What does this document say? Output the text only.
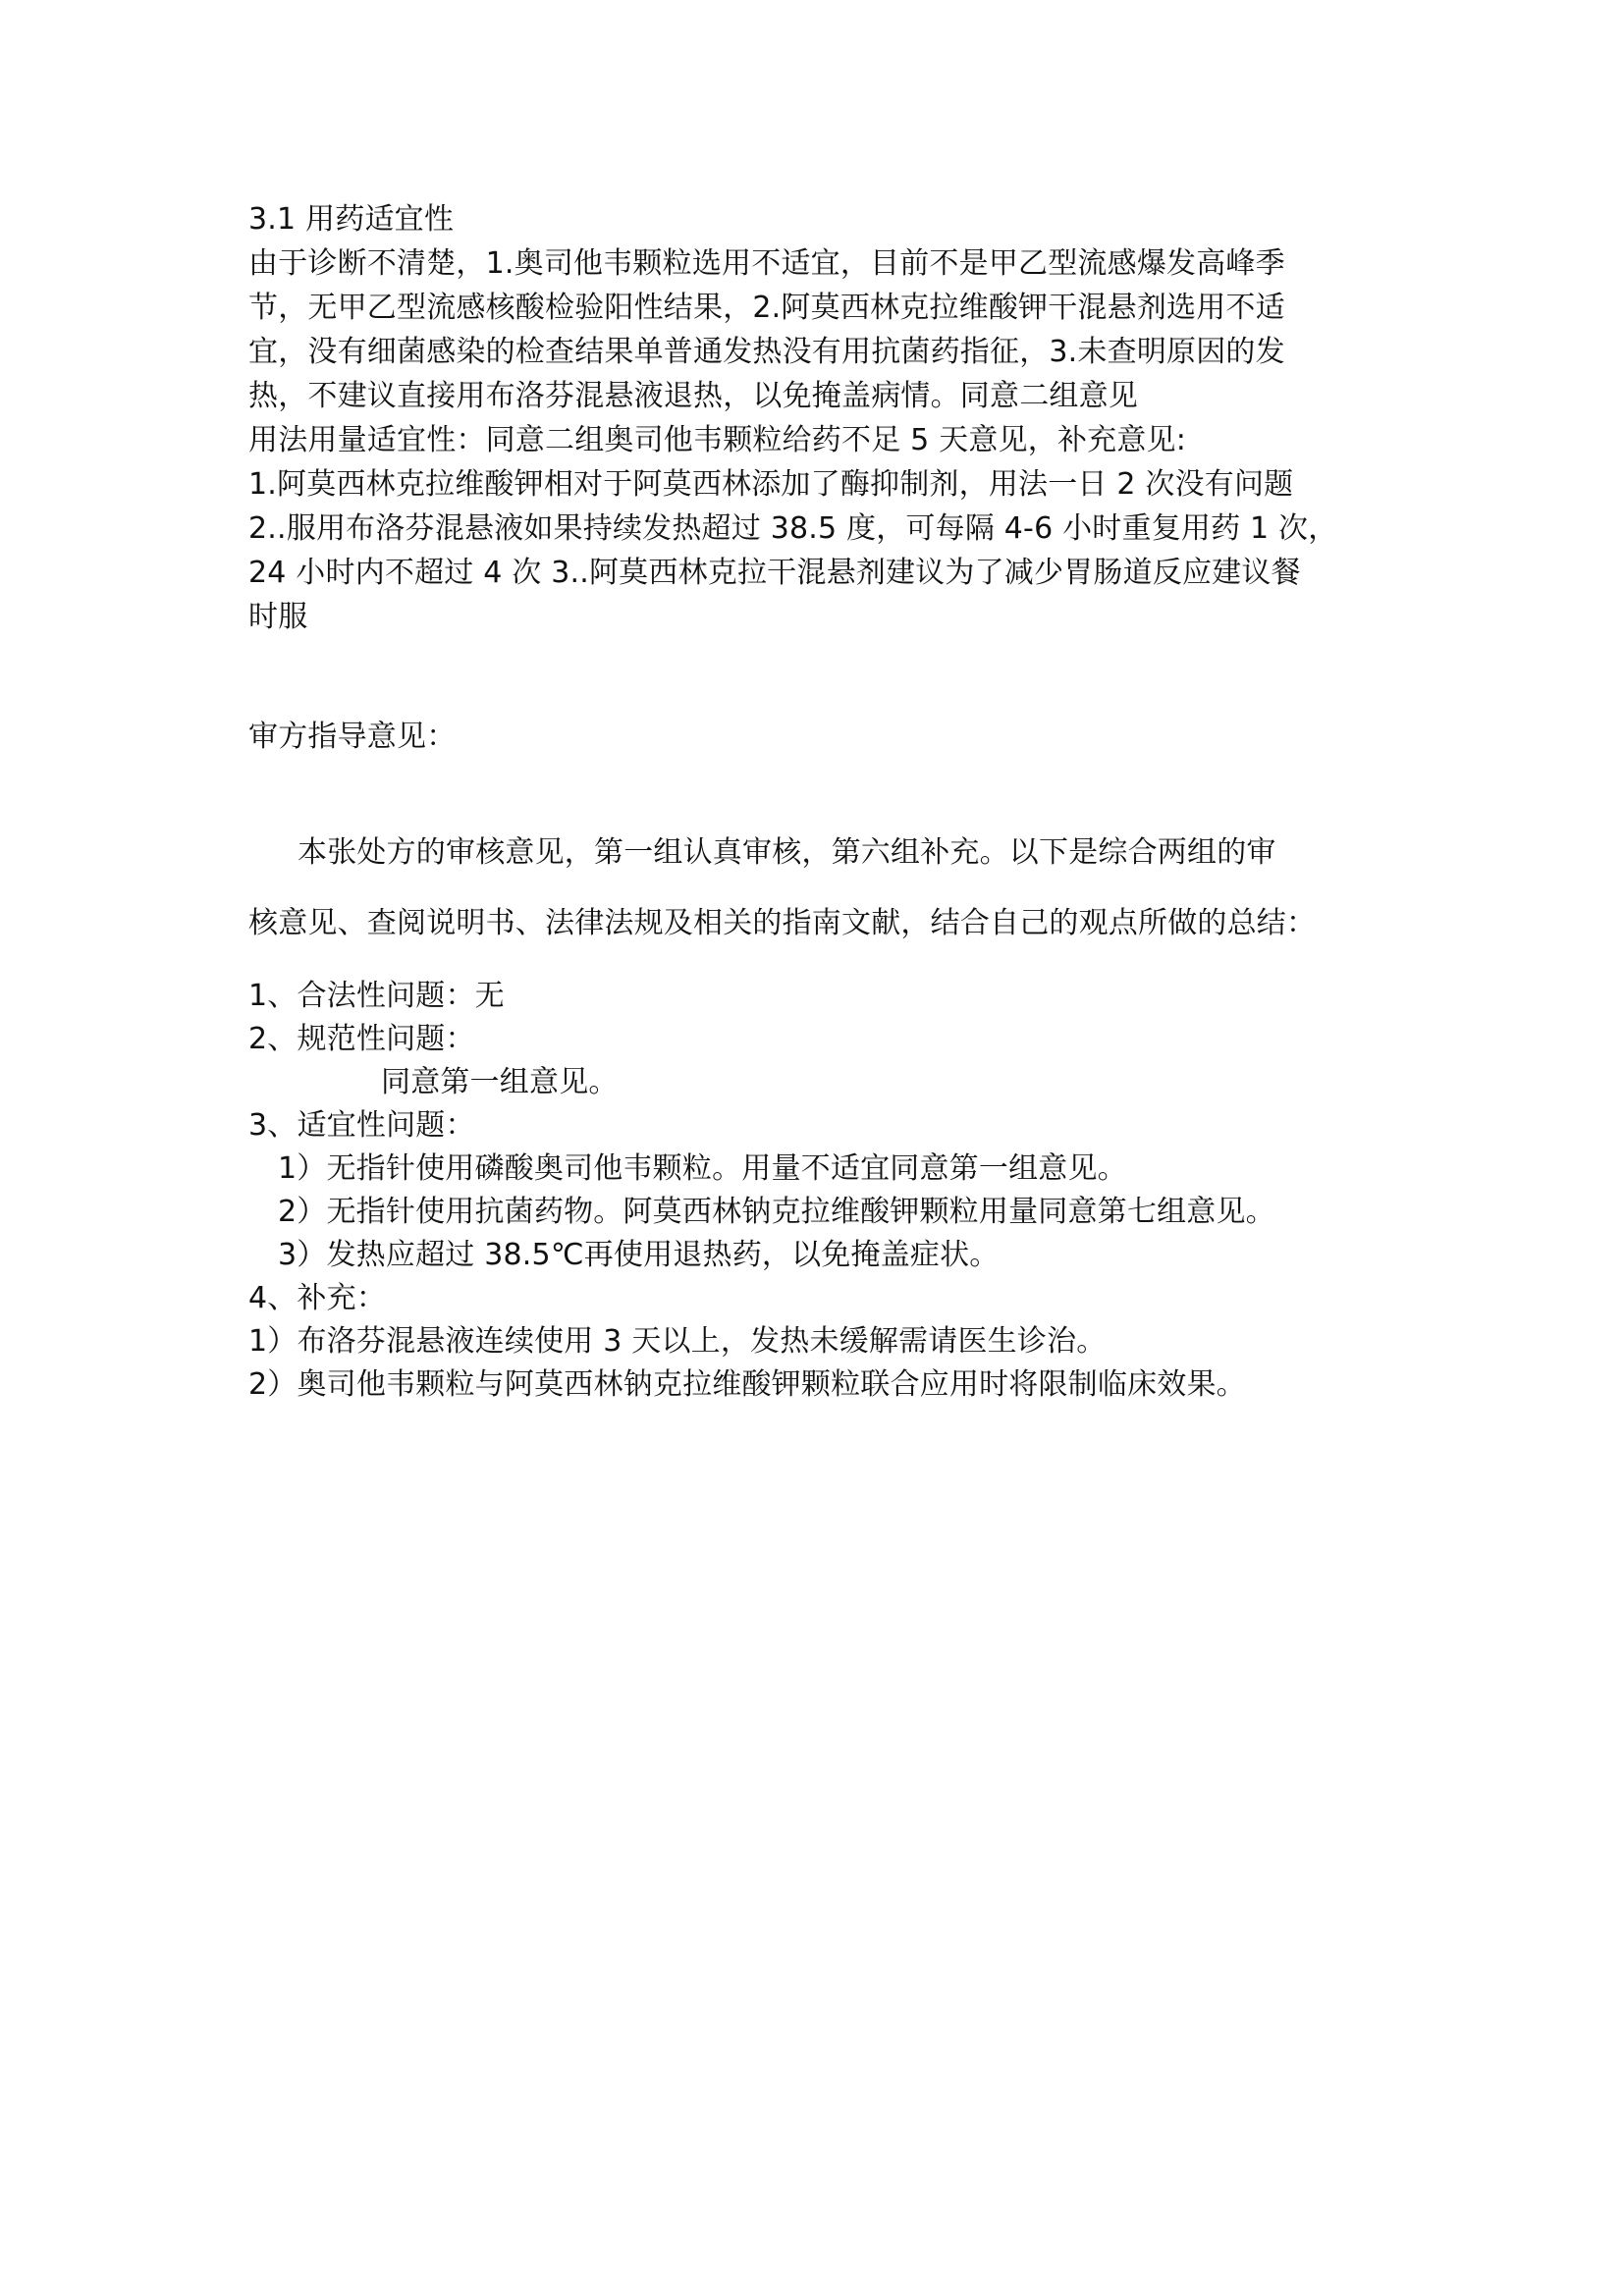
3.1 用药适宜性
由于诊断不清楚，1.奥司他韦颗粒选用不适宜，目前不是甲乙型流感爆发高峰季
节，无甲乙型流感核酸检验阳性结果，2.阿莫西林克拉维酸钾干混悬剂选用不适
宜，没有细菌感染的检查结果单普通发热没有用抗菌药指征，3.未查明原因的发
热，不建议直接用布洛芬混悬液退热，以免掩盖病情。同意二组意见
用法用量适宜性：同意二组奥司他韦颗粒给药不足 5 天意见，补充意见:
1.阿莫西林克拉维酸钾相对于阿莫西林添加了酶抑制剂，用法一日 2 次没有问题
2..服用布洛芬混悬液如果持续发热超过 38.5 度，可每隔 4-6 小时重复用药 1 次，
24 小时内不超过 4 次 3..阿莫西林克拉干混悬剂建议为了减少胃肠道反应建议餐
时服
审方指导意见：
本张处方的审核意见，第一组认真审核，第六组补充。以下是综合两组的审
核意见、查阅说明书、法律法规及相关的指南文献，结合自己的观点所做的总结：
1、合法性问题：无
2、规范性问题：
同意第一组意见。
3、适宜性问题：
1）无指针使用磷酸奥司他韦颗粒。用量不适宜同意第一组意见。
2）无指针使用抗菌药物。阿莫西林钠克拉维酸钾颗粒用量同意第七组意见。
3）发热应超过 38.5℃再使用退热药，以免掩盖症状。
4、补充：
1）布洛芬混悬液连续使用 3 天以上，发热未缓解需请医生诊治。
2）奥司他韦颗粒与阿莫西林钠克拉维酸钾颗粒联合应用时将限制临床效果。
